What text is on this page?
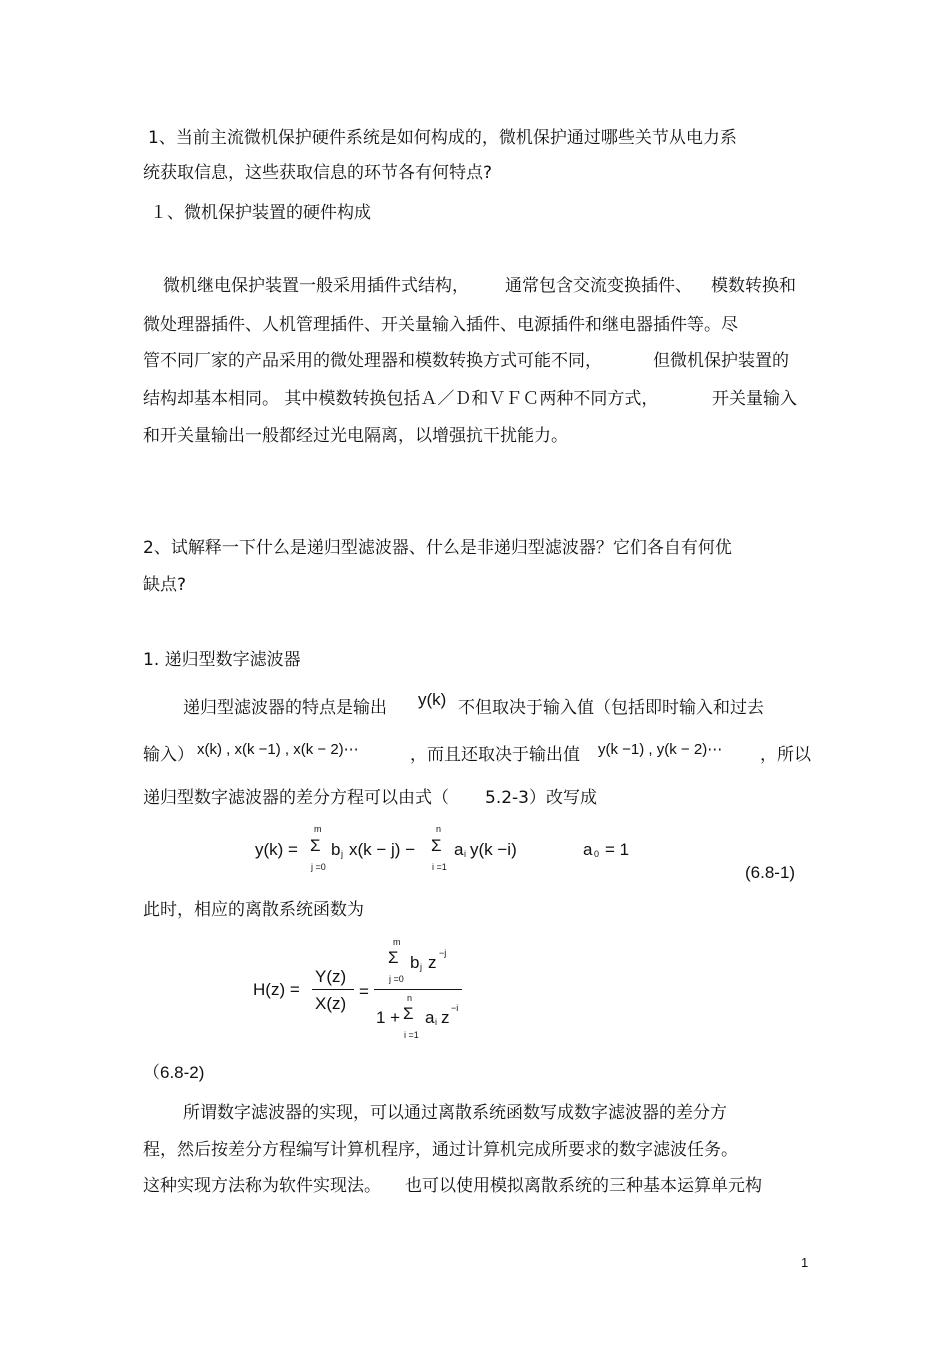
1、当前主流微机保护硬件系统是如何构成的，微机保护通过哪些关节从电力系
统获取信息，这些获取信息的环节各有何特点?
１、微机保护装置的硬件构成
微机继电保护装置一般采用插件式结构， 通常包含交流变换插件、 模数转换和
微处理器插件、人机管理插件、开关量输入插件、电源插件和继电器插件等。尽
管不同厂家的产品采用的微处理器和模数转换方式可能不同，	但微机保护装置的
结构却基本相同。 其中模数转换包括Ａ／Ｄ和ＶＦＣ两种不同方式，	开关量输入
和开关量输出一般都经过光电隔离，以增强抗干扰能力。
2、试解释一下什么是递归型滤波器、什么是非递归型滤波器？它们各自有何优
缺点?
1. 递归型数字滤波器
递归型滤波器的特点是输出 y(k) 不但取决于输入值（包括即时输入和过去
输入） x(k) , x(k −1) , x(k − 2)⋯	，而且还取决于输出值 y(k −1) , y(k − 2)⋯ ，所以
递归型数字滤波器的差分方程可以由式（ 5.2-3）改写成
y(k) =
m
Σ
j =0
b j x(k − j) −
n
Σ
i =1
a i y(k −i)	a 0 = 1
(6.8-1)
此时，相应的离散系统函数为
H(z) =
Y(z)
X(z)
=
m
Σ
j =0
b j z −j
1 +
n
Σ
i =1
a i z −i
（6.8-2)
所谓数字滤波器的实现，可以通过离散系统函数写成数字滤波器的差分方
程，然后按差分方程编写计算机程序，通过计算机完成所要求的数字滤波任务。
这种实现方法称为软件实现法。 也可以使用模拟离散系统的三种基本运算单元构
1
